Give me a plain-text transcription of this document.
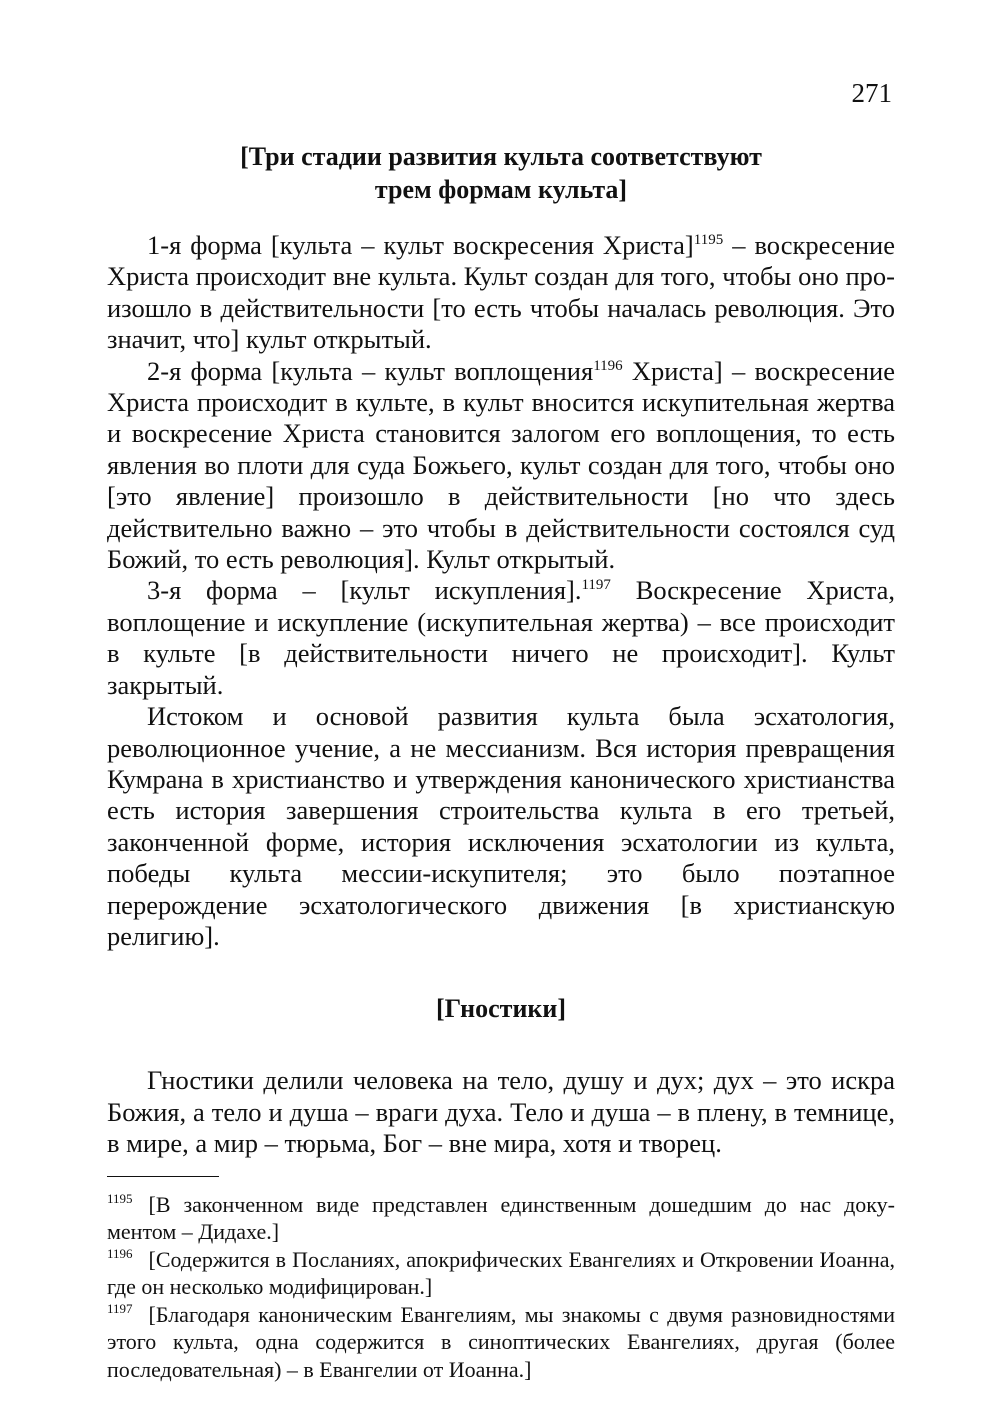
271
[Три стадии развития культа соответствуют
трем формам культа]

1-я форма [культа – культ воскресения Христа]$^{1195}$ – воскресение Христа происходит вне культа. Культ создан для того, чтобы оно произошло в действительности [то есть чтобы началась революция. Это значит, что] культ открытый.

2-я форма [культа – культ воплощения$^{1196}$ Христа] – воскресение Христа происходит в культе, в культ вносится искупительная жертва и воскресение Христа становится залогом его воплощения, то есть явления во плоти для суда Божьего, культ создан для того, чтобы оно [это явление] произошло в действительности [но что здесь действительно важно – это чтобы в действительности состоялся суд Божий, то есть революция]. Культ открытый.

3-я форма – [культ искупления].$^{1197}$ Воскресение Христа, воплощение и искупление (искупительная жертва) – все происходит в культе [в действительности ничего не происходит]. Культ закрытый.

Истоком и основой развития культа была эсхатология, революционное учение, а не мессианизм. Вся история превращения Кумрана в христианство и утверждения канонического христианства есть история завершения строительства культа в его третьей, законченной форме, история исключения эсхатологии из культа, победы культа мессии-искупителя; это было поэтапное перерождение эсхатологического движения [в христианскую религию].

[Гностики]

Гностики делили человека на тело, душу и дух; дух – это искра Божия, а тело и душа – враги духа. Тело и душа – в плену, в темнице, в мире, а мир – тюрьма, Бог – вне мира, хотя и творец.

$^{1195}$ [В законченном виде представлен единственным дошедшим до нас документом – Дидахе.]

$^{1196}$ [Содержится в Посланиях, апокрифических Евангелиях и Откровении Иоанна, где он несколько модифицирован.]

$^{1197}$ [Благодаря каноническим Евангелиям, мы знакомы с двумя разновидностями этого культа, одна содержится в синоптических Евангелиях, другая (более последовательная) – в Евангелии от Иоанна.]
